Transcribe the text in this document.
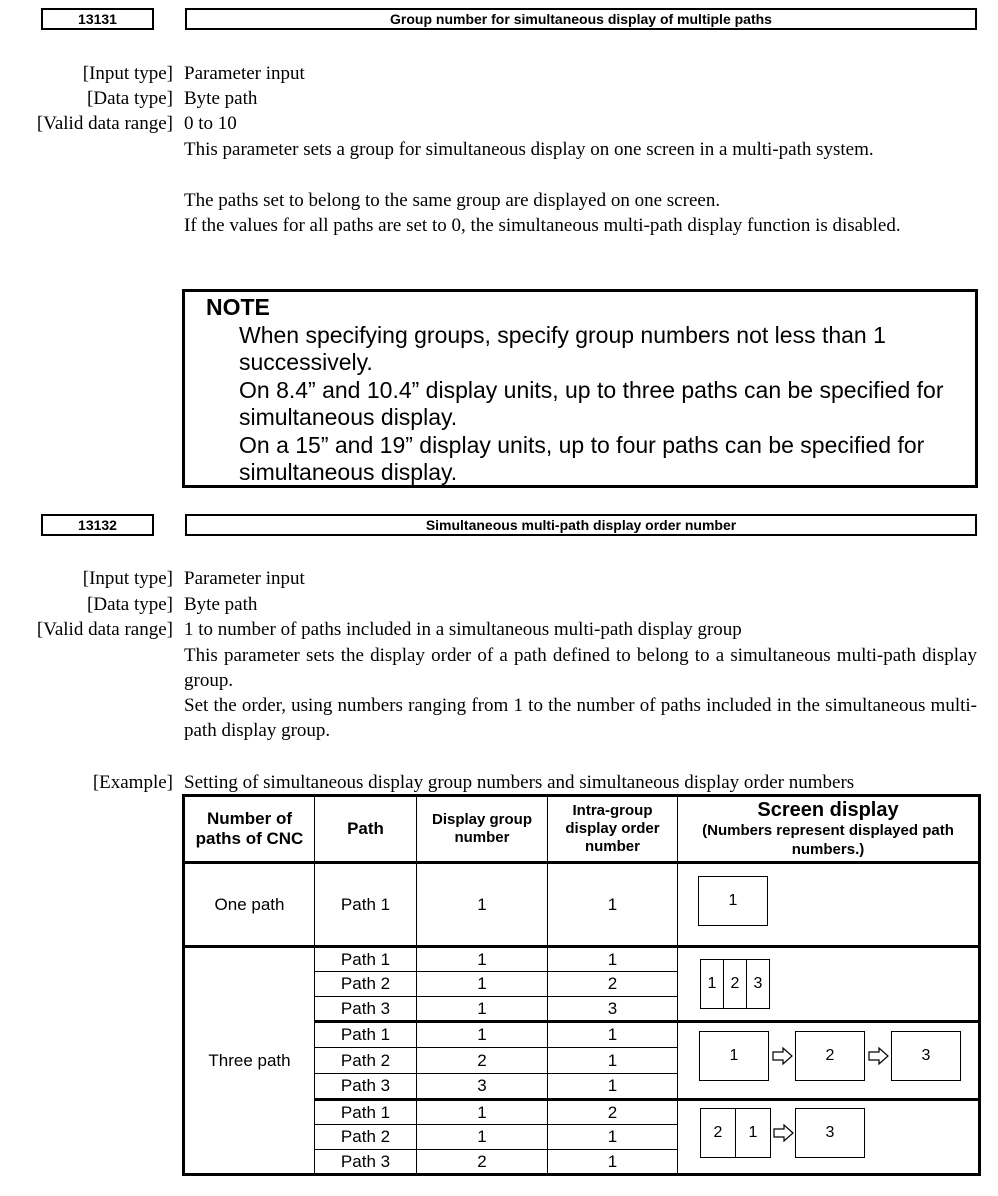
13131	Group number for simultaneous display of multiple paths
[Input type] Parameter input
[Data type] Byte path
[Valid data range] 0 to 10
This parameter sets a group for simultaneous display on one screen in a multi-path system.
The paths set to belong to the same group are displayed on one screen.
If the values for all paths are set to 0, the simultaneous multi-path display function is disabled.
NOTE
When specifying groups, specify group numbers not less than 1 successively.
On 8.4” and 10.4” display units, up to three paths can be specified for simultaneous display.
On a 15” and 19” display units, up to four paths can be specified for simultaneous display.
13132	Simultaneous multi-path display order number
[Input type] Parameter input
[Data type] Byte path
[Valid data range] 1 to number of paths included in a simultaneous multi-path display group
This parameter sets the display order of a path defined to belong to a simultaneous multi-path display group.
Set the order, using numbers ranging from 1 to the number of paths included in the simultaneous multi-path display group.
[Example] Setting of simultaneous display group numbers and simultaneous display order numbers
Number of paths of CNC	Path	Display group number	Intra-group display order number	Screen display
(Numbers represent displayed path numbers.)

One path	Path 1	1	1	1

Three path	Path 1	1	1	1 2 3

	Path 2	1	2	
	Path 3	1	3	
	Path 1	1	1	1 2 3

	Path 2	2	1	
	Path 3	3	1	
	Path 1	1	2	2 1 3

	Path 2	1	1	
	Path 3	2	1	
